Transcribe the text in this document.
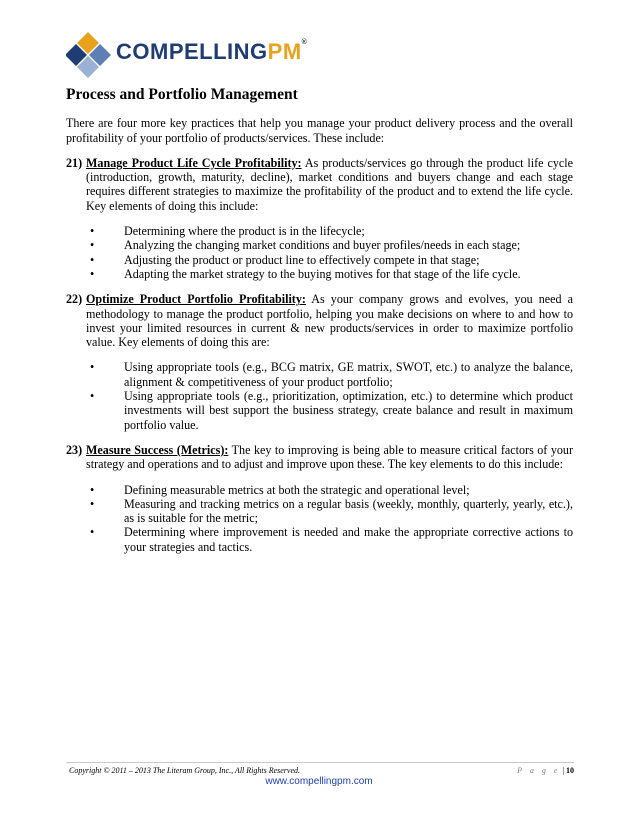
COMPELLINGPM®
Process and Portfolio Management

There are four more key practices that help you manage your product delivery process and the overall profitability of your portfolio of products/services. These include:

21) Manage Product Life Cycle Profitability: As products/services go through the product life cycle (introduction, growth, maturity, decline), market conditions and buyers change and each stage requires different strategies to maximize the profitability of the product and to extend the life cycle. Key elements of doing this include:

• Determining where the product is in the lifecycle;
• Analyzing the changing market conditions and buyer profiles/needs in each stage;
• Adjusting the product or product line to effectively compete in that stage;
• Adapting the market strategy to the buying motives for that stage of the life cycle.
22) Optimize Product Portfolio Profitability: As your company grows and evolves, you need a methodology to manage the product portfolio, helping you make decisions on where to and how to invest your limited resources in current & new products/services in order to maximize portfolio value. Key elements of doing this are:

• Using appropriate tools (e.g., BCG matrix, GE matrix, SWOT, etc.) to analyze the balance, alignment & competitiveness of your product portfolio;
• Using appropriate tools (e.g., prioritization, optimization, etc.) to determine which product investments will best support the business strategy, create balance and result in maximum portfolio value.
23) Measure Success (Metrics): The key to improving is being able to measure critical factors of your strategy and operations and to adjust and improve upon these. The key elements to do this include:

• Defining measurable metrics at both the strategic and operational level;
• Measuring and tracking metrics on a regular basis (weekly, monthly, quarterly, yearly, etc.), as is suitable for the metric;
• Determining where improvement is needed and make the appropriate corrective actions to your strategies and tactics.
Copyright © 2011 – 2013 The Literam Group, Inc., All Rights Reserved.	P a g e | 10
www.compellingpm.com
